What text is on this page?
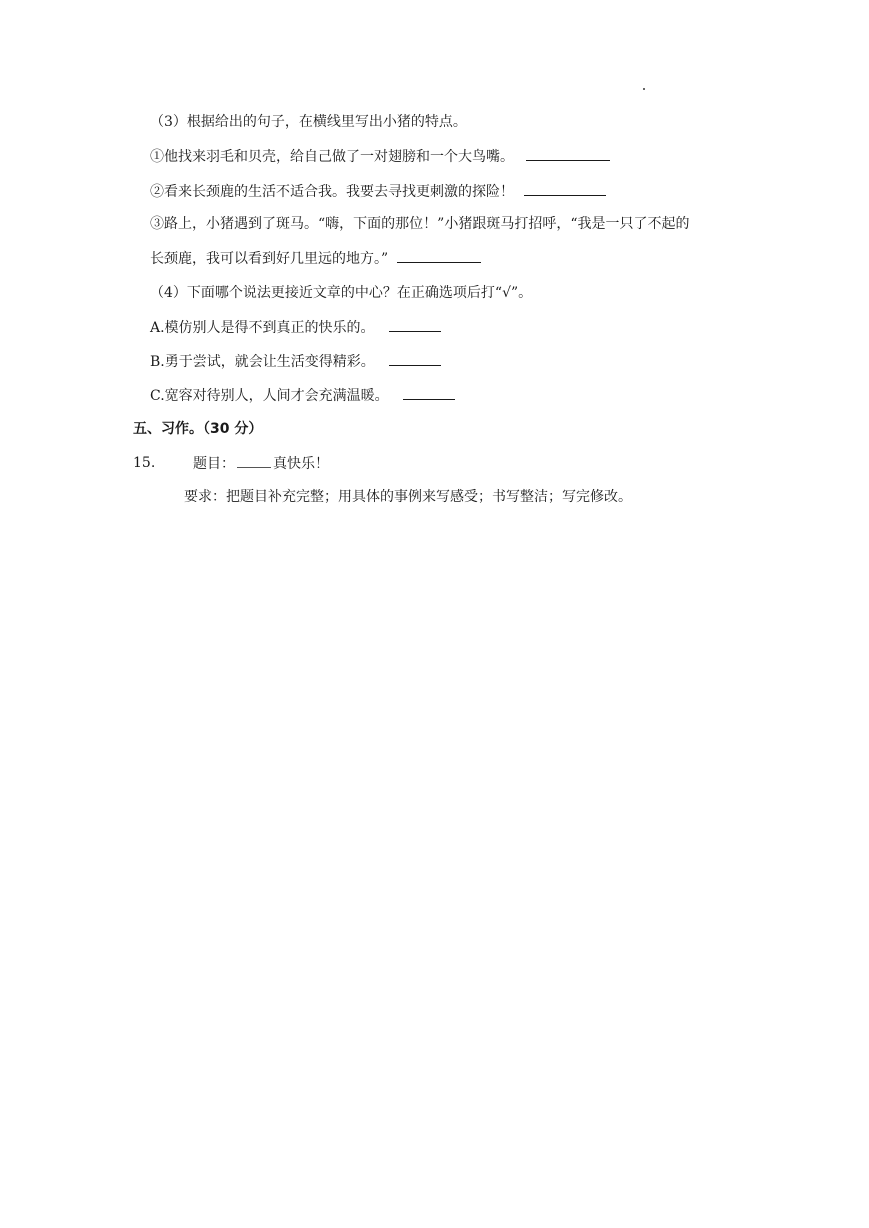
（3）根据给出的句子，在横线里写出小猪的特点。
①他找来羽毛和贝壳，给自己做了一对翅膀和一个大鸟嘴。
②看来长颈鹿的生活不适合我。我要去寻找更刺激的探险！
③路上，小猪遇到了斑马。“嗨，下面的那位！”小猪跟斑马打招呼，“我是一只了不起的
长颈鹿，我可以看到好几里远的地方。”
（4）下面哪个说法更接近文章的中心？在正确选项后打“√”。
A.模仿别人是得不到真正的快乐的。
B.勇于尝试，就会让生活变得精彩。
C.宽容对待别人，人间才会充满温暖。
五、习作。（30 分）
15.	题目：	真快乐！
要求：把题目补充完整；用具体的事例来写感受；书写整洁；写完修改。
